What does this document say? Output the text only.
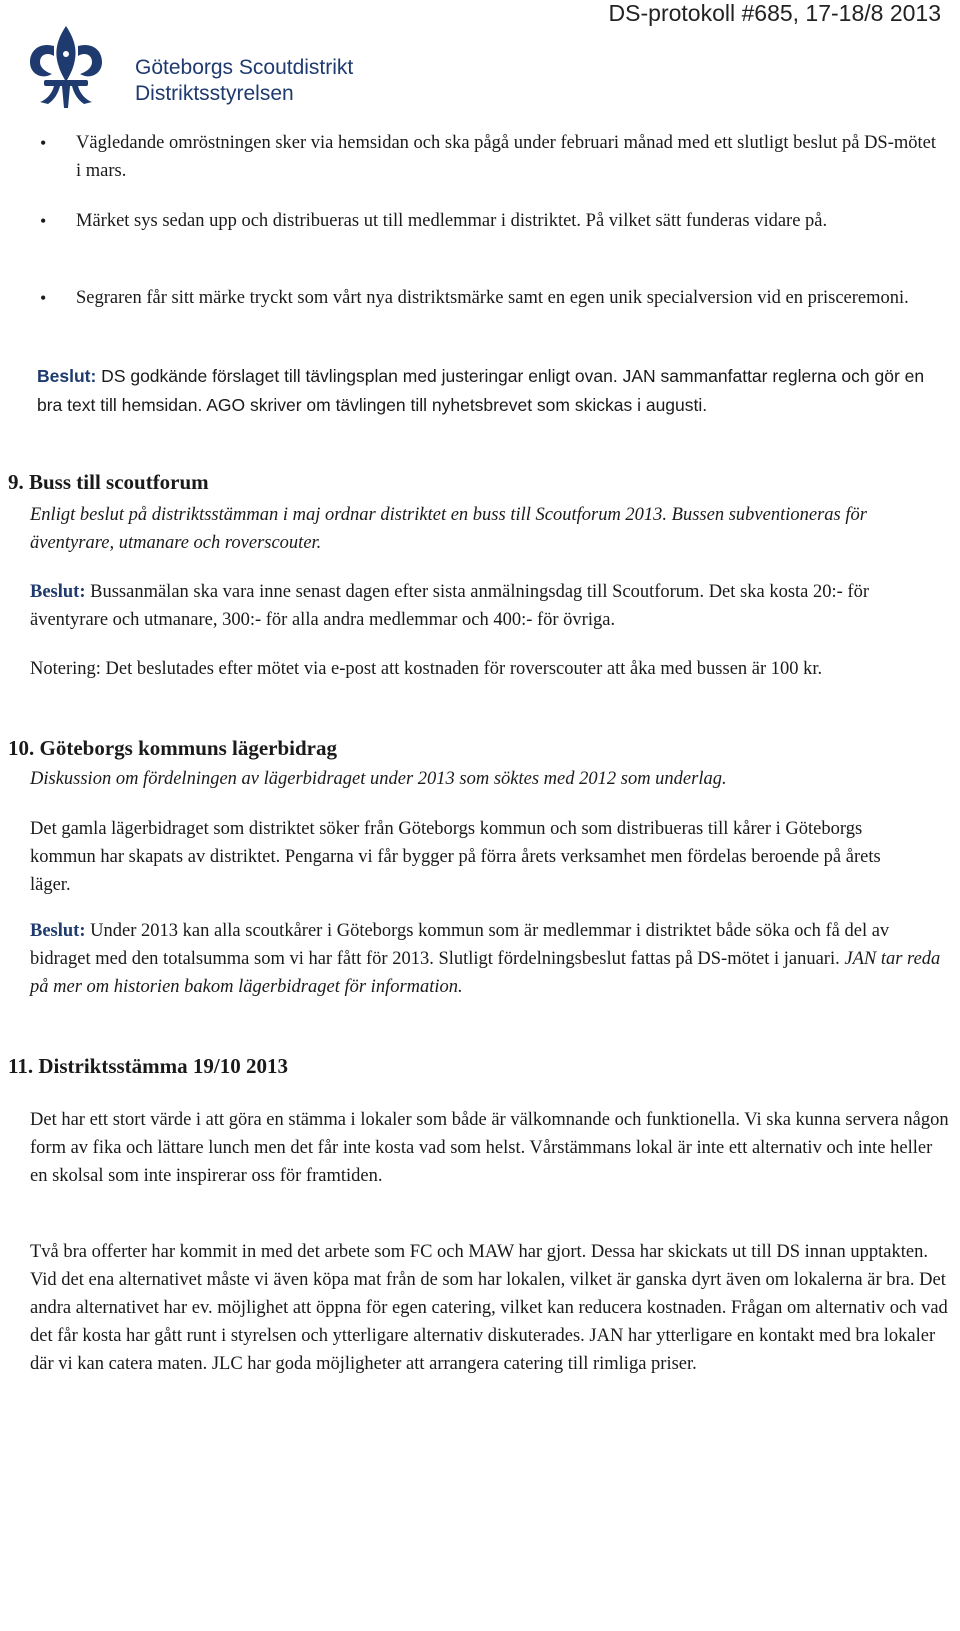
Göteborgs Scoutdistrikt
Distriktsstyrelsen
DS-protokoll #685, 17-18/8 2013
•	Vägledande omröstningen sker via hemsidan och ska pågå under februari månad med ett slutligt beslut på DS-mötet i mars.
•	Märket sys sedan upp och distribueras ut till medlemmar i distriktet. På vilket sätt funderas vidare på.
•	Segraren får sitt märke tryckt som vårt nya distriktsmärke samt en egen unik specialversion vid en prisceremoni.
Beslut: DS godkände förslaget till tävlingsplan med justeringar enligt ovan. JAN sammanfattar reglerna och gör en bra text till hemsidan. AGO skriver om tävlingen till nyhetsbrevet som skickas i augusti.
9. Buss till scoutforum
Enligt beslut på distriktsstämman i maj ordnar distriktet en buss till Scoutforum 2013. Bussen subventioneras för äventyrare, utmanare och roverscouter.
Beslut: Bussanmälan ska vara inne senast dagen efter sista anmälningsdag till Scoutforum. Det ska kosta 20:- för äventyrare och utmanare, 300:- för alla andra medlemmar och 400:- för övriga.
Notering: Det beslutades efter mötet via e-post att kostnaden för roverscouter att åka med bussen är 100 kr.
10. Göteborgs kommuns lägerbidrag
Diskussion om fördelningen av lägerbidraget under 2013 som söktes med 2012 som underlag.
Det gamla lägerbidraget som distriktet söker från Göteborgs kommun och som distribueras till kårer i Göteborgs kommun har skapats av distriktet. Pengarna vi får bygger på förra årets verksamhet men fördelas beroende på årets läger.
Beslut: Under 2013 kan alla scoutkårer i Göteborgs kommun som är medlemmar i distriktet både söka och få del av bidraget med den totalsumma som vi har fått för 2013. Slutligt fördelningsbeslut fattas på DS-mötet i januari. JAN tar reda på mer om historien bakom lägerbidraget för information.
11. Distriktsstämma 19/10 2013
Det har ett stort värde i att göra en stämma i lokaler som både är välkomnande och funktionella. Vi ska kunna servera någon form av fika och lättare lunch men det får inte kosta vad som helst. Vårstämmans lokal är inte ett alternativ och inte heller en skolsal som inte inspirerar oss för framtiden.
Två bra offerter har kommit in med det arbete som FC och MAW har gjort. Dessa har skickats ut till DS innan upptakten. Vid det ena alternativet måste vi även köpa mat från de som har lokalen, vilket är ganska dyrt även om lokalerna är bra. Det andra alternativet har ev. möjlighet att öppna för egen catering, vilket kan reducera kostnaden. Frågan om alternativ och vad det får kosta har gått runt i styrelsen och ytterligare alternativ diskuterades. JAN har ytterligare en kontakt med bra lokaler där vi kan catera maten. JLC har goda möjligheter att arrangera catering till rimliga priser.
